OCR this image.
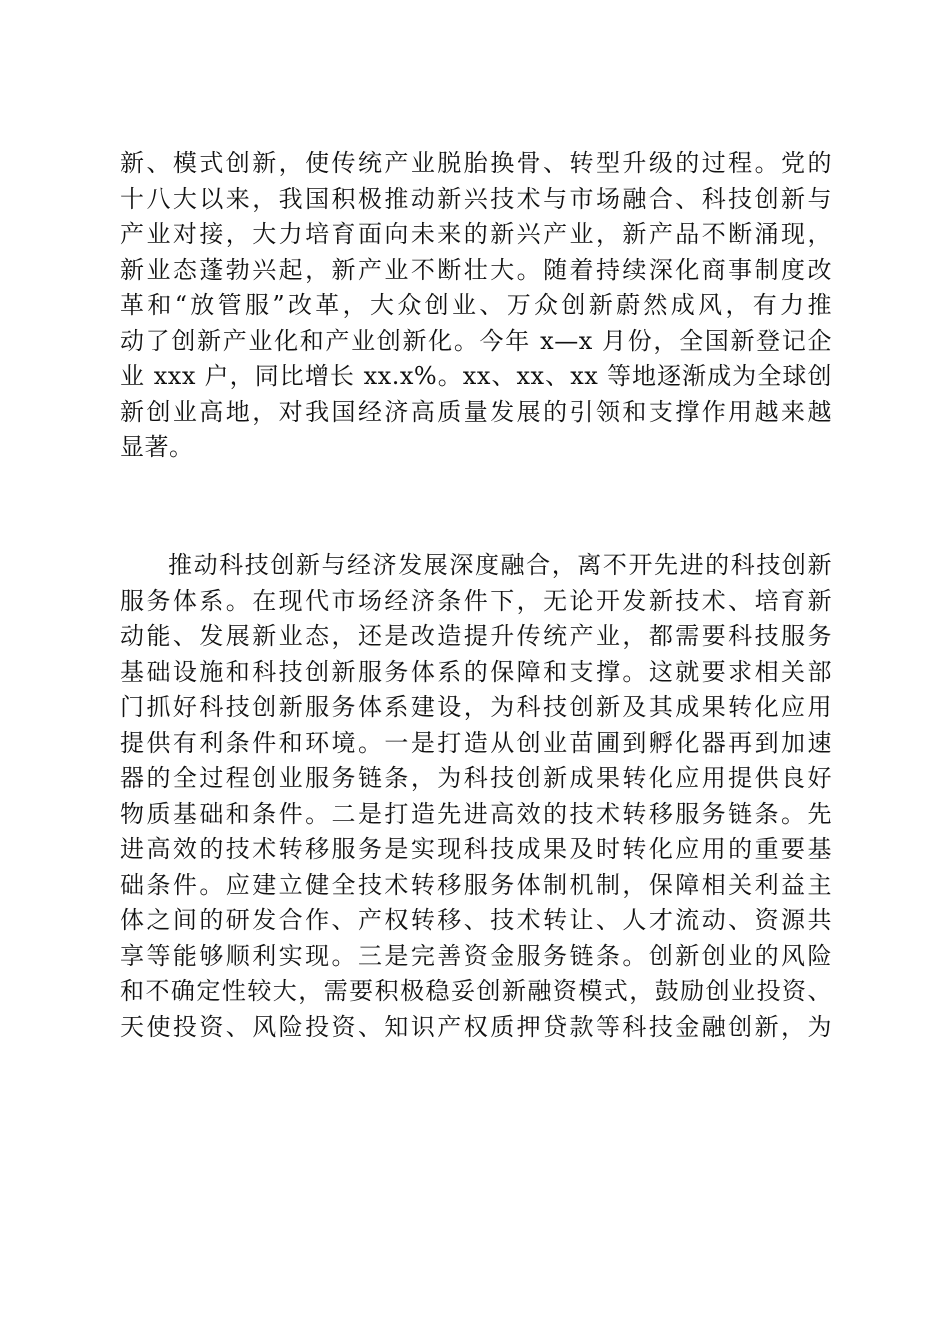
新、模式创新，使传统产业脱胎换骨、转型升级的过程。党的
十八大以来，我国积极推动新兴技术与市场融合、科技创新与
产业对接，大力培育面向未来的新兴产业，新产品不断涌现，
新业态蓬勃兴起，新产业不断壮大。随着持续深化商事制度改
革和“放管服”改革，大众创业、万众创新蔚然成风，有力推
动了创新产业化和产业创新化。今年 x—x 月份，全国新登记企
业 xxx 户，同比增长 xx.x%。xx、xx、xx 等地逐渐成为全球创
新创业高地，对我国经济高质量发展的引领和支撑作用越来越
显著。
推动科技创新与经济发展深度融合，离不开先进的科技创新
服务体系。在现代市场经济条件下，无论开发新技术、培育新
动能、发展新业态，还是改造提升传统产业，都需要科技服务
基础设施和科技创新服务体系的保障和支撑。这就要求相关部
门抓好科技创新服务体系建设，为科技创新及其成果转化应用
提供有利条件和环境。一是打造从创业苗圃到孵化器再到加速
器的全过程创业服务链条，为科技创新成果转化应用提供良好
物质基础和条件。二是打造先进高效的技术转移服务链条。先
进高效的技术转移服务是实现科技成果及时转化应用的重要基
础条件。应建立健全技术转移服务体制机制，保障相关利益主
体之间的研发合作、产权转移、技术转让、人才流动、资源共
享等能够顺利实现。三是完善资金服务链条。创新创业的风险
和不确定性较大，需要积极稳妥创新融资模式，鼓励创业投资、
天使投资、风险投资、知识产权质押贷款等科技金融创新，为
